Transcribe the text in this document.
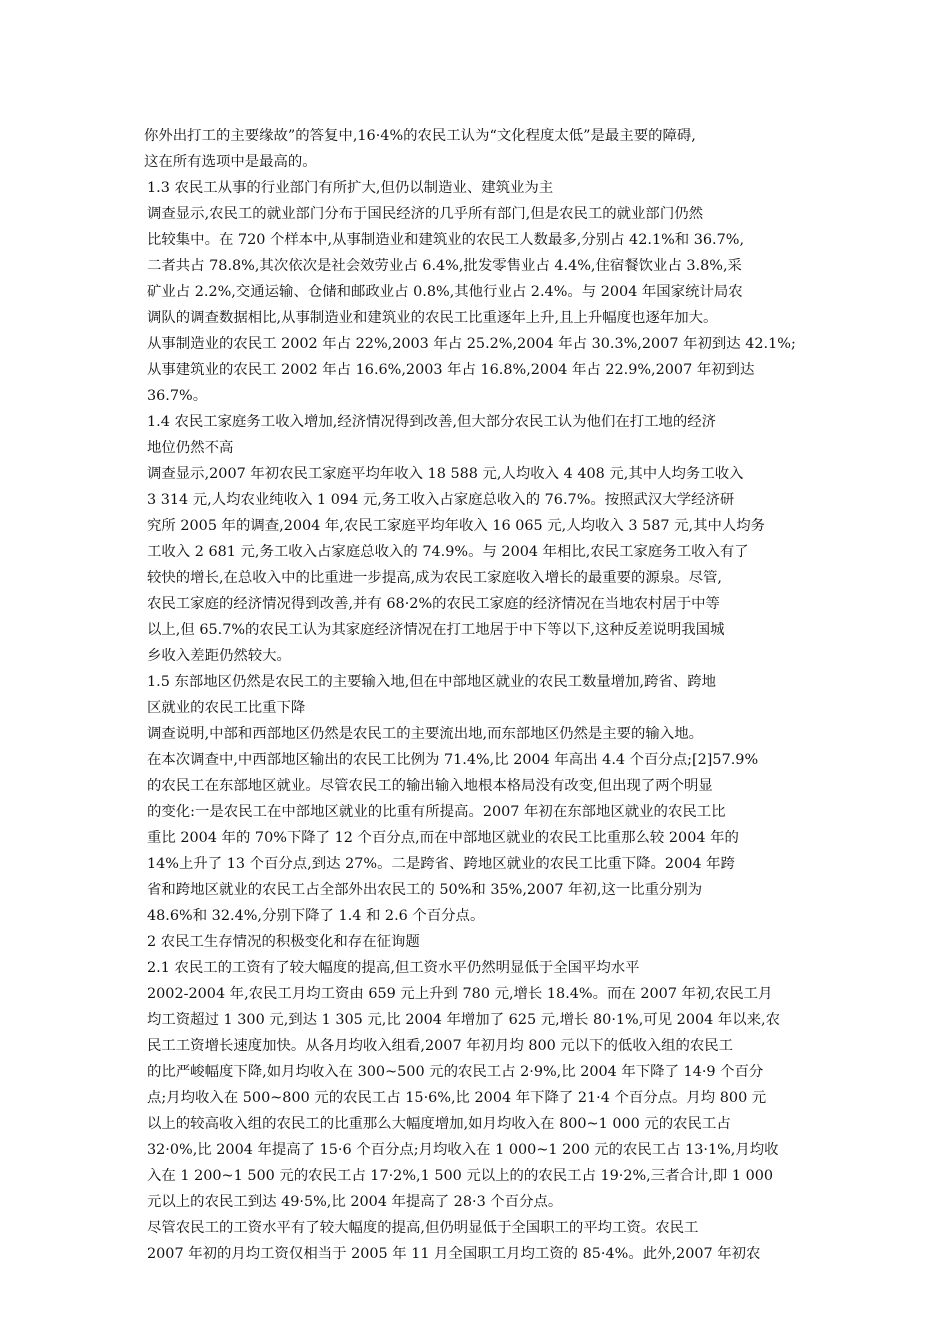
你外出打工的主要缘故”的答复中,16·4%的农民工认为“文化程度太低”是最主要的障碍,
这在所有选项中是最高的。

1.3 农民工从事的行业部门有所扩大,但仍以制造业、建筑业为主

调查显示,农民工的就业部门分布于国民经济的几乎所有部门,但是农民工的就业部门仍然
比较集中。在 720 个样本中,从事制造业和建筑业的农民工人数最多,分别占 42.1%和 36.7%,
二者共占 78.8%,其次依次是社会效劳业占 6.4%,批发零售业占 4.4%,住宿餐饮业占 3.8%,采
矿业占 2.2%,交通运输、仓储和邮政业占 0.8%,其他行业占 2.4%。与 2004 年国家统计局农
调队的调查数据相比,从事制造业和建筑业的农民工比重逐年上升,且上升幅度也逐年加大。
从事制造业的农民工 2002 年占 22%,2003 年占 25.2%,2004 年占 30.3%,2007 年初到达 42.1%;
从事建筑业的农民工 2002 年占 16.6%,2003 年占 16.8%,2004 年占 22.9%,2007 年初到达
36.7%。

1.4 农民工家庭务工收入增加,经济情况得到改善,但大部分农民工认为他们在打工地的经济
地位仍然不高

调查显示,2007 年初农民工家庭平均年收入 18 588 元,人均收入 4 408 元,其中人均务工收入
3 314 元,人均农业纯收入 1 094 元,务工收入占家庭总收入的 76.7%。按照武汉大学经济研
究所 2005 年的调查,2004 年,农民工家庭平均年收入 16 065 元,人均收入 3 587 元,其中人均务
工收入 2 681 元,务工收入占家庭总收入的 74.9%。与 2004 年相比,农民工家庭务工收入有了
较快的增长,在总收入中的比重进一步提高,成为农民工家庭收入增长的最重要的源泉。尽管,
农民工家庭的经济情况得到改善,并有 68·2%的农民工家庭的经济情况在当地农村居于中等
以上,但 65.7%的农民工认为其家庭经济情况在打工地居于中下等以下,这种反差说明我国城
乡收入差距仍然较大。

1.5 东部地区仍然是农民工的主要输入地,但在中部地区就业的农民工数量增加,跨省、跨地
区就业的农民工比重下降

调查说明,中部和西部地区仍然是农民工的主要流出地,而东部地区仍然是主要的输入地。
在本次调查中,中西部地区输出的农民工比例为 71.4%,比 2004 年高出 4.4 个百分点;[2]57.9%
的农民工在东部地区就业。尽管农民工的输出输入地根本格局没有改变,但出现了两个明显
的变化:一是农民工在中部地区就业的比重有所提高。2007 年初在东部地区就业的农民工比
重比 2004 年的 70%下降了 12 个百分点,而在中部地区就业的农民工比重那么较 2004 年的
14%上升了 13 个百分点,到达 27%。二是跨省、跨地区就业的农民工比重下降。2004 年跨
省和跨地区就业的农民工占全部外出农民工的 50%和 35%,2007 年初,这一比重分别为
48.6%和 32.4%,分别下降了 1.4 和 2.6 个百分点。

2 农民工生存情况的积极变化和存在征询题

2.1 农民工的工资有了较大幅度的提高,但工资水平仍然明显低于全国平均水平

2002-2004 年,农民工月均工资由 659 元上升到 780 元,增长 18.4%。而在 2007 年初,农民工月
均工资超过 1 300 元,到达 1 305 元,比 2004 年增加了 625 元,增长 80·1%,可见 2004 年以来,农
民工工资增长速度加快。从各月均收入组看,2007 年初月均 800 元以下的低收入组的农民工
的比严峻幅度下降,如月均收入在 300~500 元的农民工占 2·9%,比 2004 年下降了 14·9 个百分
点;月均收入在 500~800 元的农民工占 15·6%,比 2004 年下降了 21·4 个百分点。月均 800 元
以上的较高收入组的农民工的比重那么大幅度增加,如月均收入在 800~1 000 元的农民工占
32·0%,比 2004 年提高了 15·6 个百分点;月均收入在 1 000~1 200 元的农民工占 13·1%,月均收
入在 1 200~1 500 元的农民工占 17·2%,1 500 元以上的的农民工占 19·2%,三者合计,即 1 000
元以上的农民工到达 49·5%,比 2004 年提高了 28·3 个百分点。

尽管农民工的工资水平有了较大幅度的提高,但仍明显低于全国职工的平均工资。农民工
2007 年初的月均工资仅相当于 2005 年 11 月全国职工月均工资的 85·4%。此外,2007 年初农
